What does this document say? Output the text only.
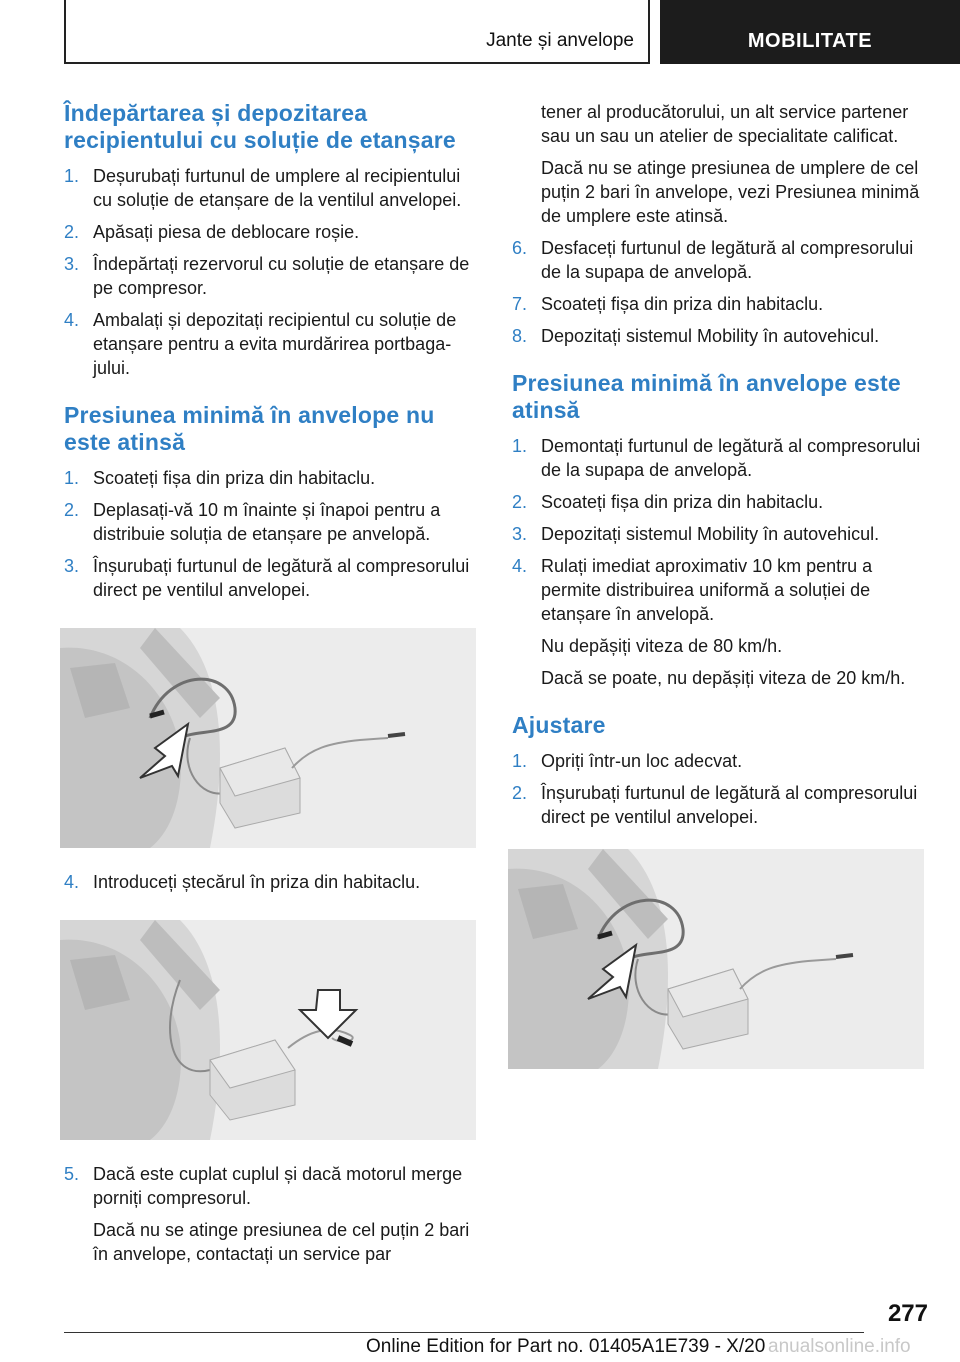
Jante și anvelope	MOBILITATE
Îndepărtarea și depozitarea recipientului cu soluție de etanșare
1. Deșurubați furtunul de umplere al recipientului cu soluție de etanșare de la ventilul anvelopei.
2. Apăsați piesa de deblocare roșie.
3. Îndepărtați rezervorul cu soluție de etanșare de pe compresor.
4. Ambalați și depozitați recipientul cu soluție de etanșare pentru a evita murdărirea portbagajului.
Presiunea minimă în anvelope nu este atinsă
1. Scoateți fișa din priza din habitaclu.
2. Deplasați-vă 10 m înainte și înapoi pentru a distribuie soluția de etanșare pe anvelopă.
3. Înșurubați furtunul de legătură al compresorului direct pe ventilul anvelopei.
4. Introduceți ștecărul în priza din habitaclu.
5. Dacă este cuplat cuplul și dacă motorul merge porniți compresorul.

Dacă nu se atinge presiunea de cel puțin 2 bari în anvelope, contactați un service par

tener al producătorului, un alt service partener sau un sau un atelier de specialitate calificat.

Dacă nu se atinge presiunea de umplere de cel puțin 2 bari în anvelope, vezi Presiunea minimă de umplere este atinsă.

6. Desfaceți furtunul de legătură al compresorului de la supapa de anvelopă.
7. Scoateți fișa din priza din habitaclu.
8. Depozitați sistemul Mobility în autovehicul.
Presiunea minimă în anvelope este atinsă
1. Demontați furtunul de legătură al compresorului de la supapa de anvelopă.
2. Scoateți fișa din priza din habitaclu.
3. Depozitați sistemul Mobility în autovehicul.
4. Rulați imediat aproximativ 10 km pentru a permite distribuirea uniformă a soluției de etanșare în anvelopă.

Nu depășiți viteza de 80 km/h.

Dacă se poate, nu depășiți viteza de 20 km/h.

Ajustare
1. Opriți într-un loc adecvat.
2. Înșurubați furtunul de legătură al compresorului direct pe ventilul anvelopei.
277
Online Edition for Part no. 01405A1E739 - X/20 anualsonline.info
